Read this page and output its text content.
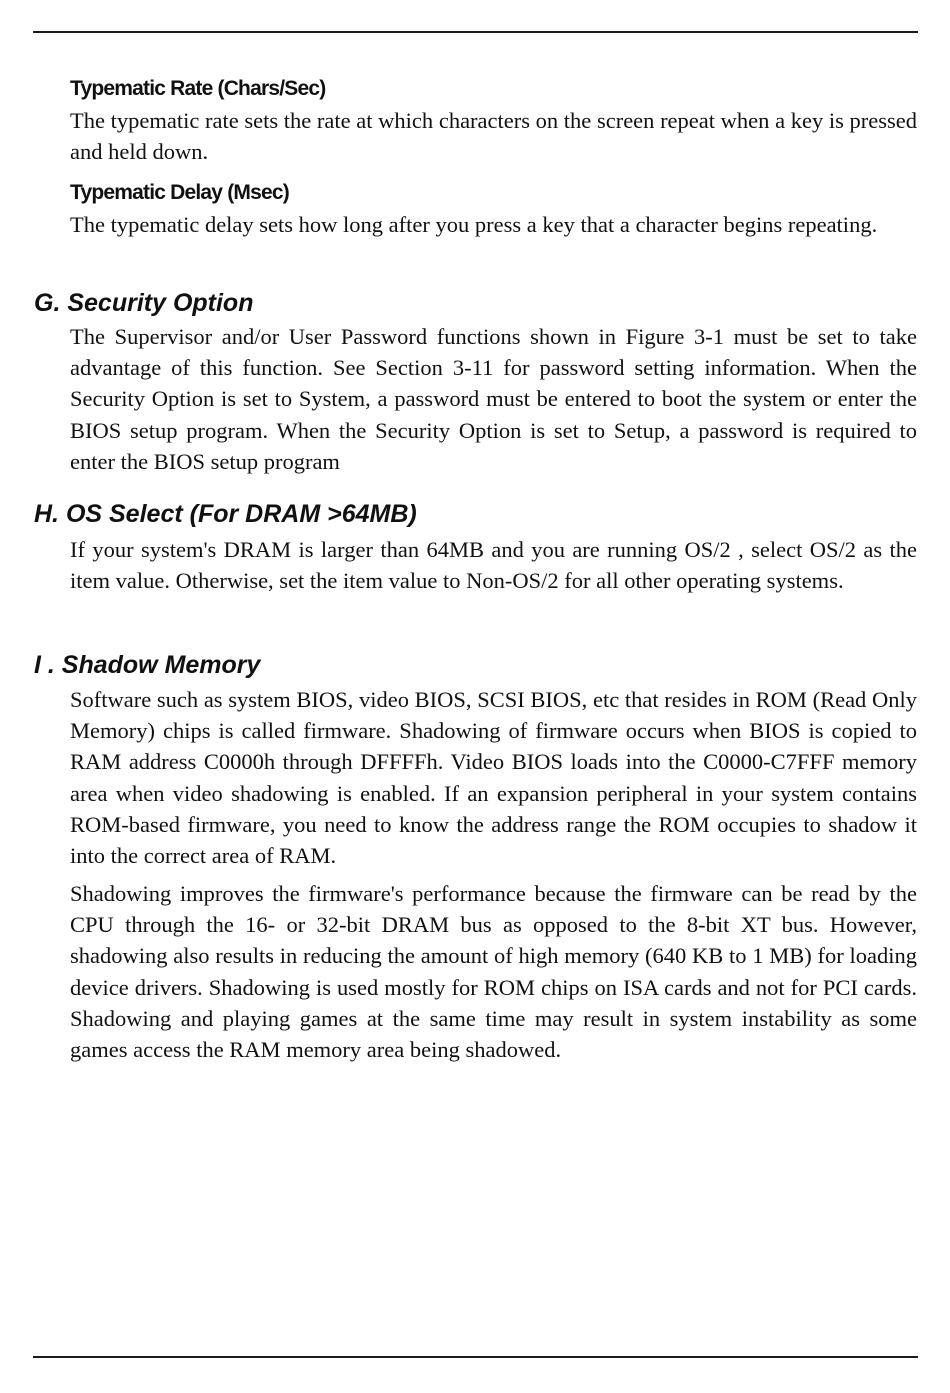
Typematic Rate (Chars/Sec)

The typematic rate sets the rate at which characters on the screen repeat when a key is pressed and held down.

Typematic Delay (Msec)

The typematic delay sets how long after you press a key that a character begins repeating.

G. Security Option

The Supervisor and/or User Password functions shown in Figure 3-1 must be set to take advantage of this function. See Section 3-11 for password setting information. When the Security Option is set to System, a password must be entered to boot the system or enter the BIOS setup program. When the Security Option is set to Setup, a password is required to enter the BIOS setup program

H. OS Select (For DRAM >64MB)

If your system's DRAM is larger than 64MB and you are running OS/2 , select OS/2 as the item value. Otherwise, set the item value to Non-OS/2 for all other operating systems.

I . Shadow Memory

Software such as system BIOS, video BIOS, SCSI BIOS, etc that resides in ROM (Read Only Memory) chips is called firmware. Shadowing of firmware occurs when BIOS is copied to RAM address C0000h through DFFFFh. Video BIOS loads into the C0000-C7FFF memory area when video shadowing is enabled. If an expansion peripheral in your system contains ROM-based firmware, you need to know the address range the ROM occupies to shadow it into the correct area of RAM.

Shadowing improves the firmware's performance because the firmware can be read by the CPU through the 16- or 32-bit DRAM bus as opposed to the 8-bit XT bus. However, shadowing also results in reducing the amount of high memory (640 KB to 1 MB) for loading device drivers. Shadowing is used mostly for ROM chips on ISA cards and not for PCI cards. Shadowing and playing games at the same time may result in system instability as some games access the RAM memory area being shadowed.
